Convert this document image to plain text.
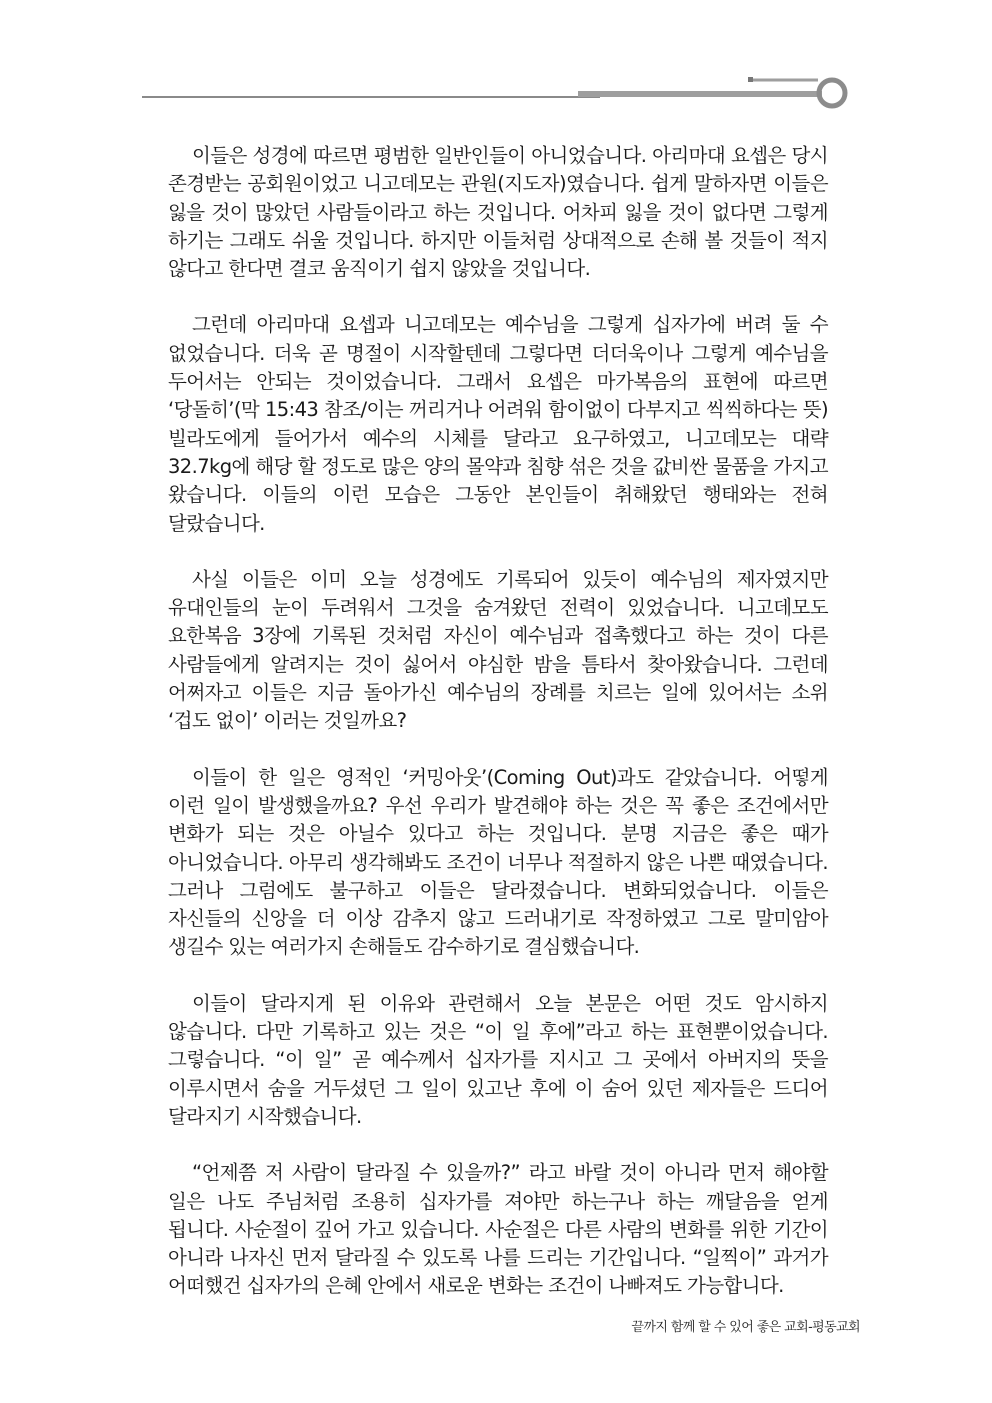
이들은 성경에 따르면 평범한 일반인들이 아니었습니다. 아리마대 요셉은 당시 존경받는 공회원이었고 니고데모는 관원(지도자)였습니다. 쉽게 말하자면 이들은 잃을 것이 많았던 사람들이라고 하는 것입니다. 어차피 잃을 것이 없다면 그렇게 하기는 그래도 쉬울 것입니다. 하지만 이들처럼 상대적으로 손해 볼 것들이 적지 않다고 한다면 결코 움직이기 쉽지 않았을 것입니다.

그런데 아리마대 요셉과 니고데모는 예수님을 그렇게 십자가에 버려 둘 수 없었습니다. 더욱 곧 명절이 시작할텐데 그렇다면 더더욱이나 그렇게 예수님을 두어서는 안되는 것이었습니다. 그래서 요셉은 마가복음의 표현에 따르면 ‘당돌히’(막 15:43 참조/이는 꺼리거나 어려워 함이없이 다부지고 씩씩하다는 뜻) 빌라도에게 들어가서 예수의 시체를 달라고 요구하였고, 니고데모는 대략 32.7kg에 해당 할 정도로 많은 양의 몰약과 침향 섞은 것을 값비싼 물품을 가지고 왔습니다. 이들의 이런 모습은 그동안 본인들이 취해왔던 행태와는 전혀 달랐습니다.

사실 이들은 이미 오늘 성경에도 기록되어 있듯이 예수님의 제자였지만 유대인들의 눈이 두려워서 그것을 숨겨왔던 전력이 있었습니다. 니고데모도 요한복음 3장에 기록된 것처럼 자신이 예수님과 접촉했다고 하는 것이 다른 사람들에게 알려지는 것이 싫어서 야심한 밤을 틈타서 찾아왔습니다. 그런데 어쩌자고 이들은 지금 돌아가신 예수님의 장례를 치르는 일에 있어서는 소위 ‘겁도 없이’ 이러는 것일까요?

이들이 한 일은 영적인 ‘커밍아웃’(Coming Out)과도 같았습니다. 어떻게 이런 일이 발생했을까요? 우선 우리가 발견해야 하는 것은 꼭 좋은 조건에서만 변화가 되는 것은 아닐수 있다고 하는 것입니다. 분명 지금은 좋은 때가 아니었습니다. 아무리 생각해봐도 조건이 너무나 적절하지 않은 나쁜 때였습니다. 그러나 그럼에도 불구하고 이들은 달라졌습니다. 변화되었습니다. 이들은 자신들의 신앙을 더 이상 감추지 않고 드러내기로 작정하였고 그로 말미암아 생길수 있는 여러가지 손해들도 감수하기로 결심했습니다.

이들이 달라지게 된 이유와 관련해서 오늘 본문은 어떤 것도 암시하지 않습니다. 다만 기록하고 있는 것은 “이 일 후에”라고 하는 표현뿐이었습니다. 그렇습니다. “이 일” 곧 예수께서 십자가를 지시고 그 곳에서 아버지의 뜻을 이루시면서 숨을 거두셨던 그 일이 있고난 후에 이 숨어 있던 제자들은 드디어 달라지기 시작했습니다.

“언제쯤 저 사람이 달라질 수 있을까?” 라고 바랄 것이 아니라 먼저 해야할 일은 나도 주님처럼 조용히 십자가를 져야만 하는구나 하는 깨달음을 얻게 됩니다. 사순절이 깊어 가고 있습니다. 사순절은 다른 사람의 변화를 위한 기간이 아니라 나자신 먼저 달라질 수 있도록 나를 드리는 기간입니다. “일찍이” 과거가 어떠했건 십자가의 은혜 안에서 새로운 변화는 조건이 나빠져도 가능합니다.

끝까지 함께 할 수 있어 좋은 교회-평동교회
